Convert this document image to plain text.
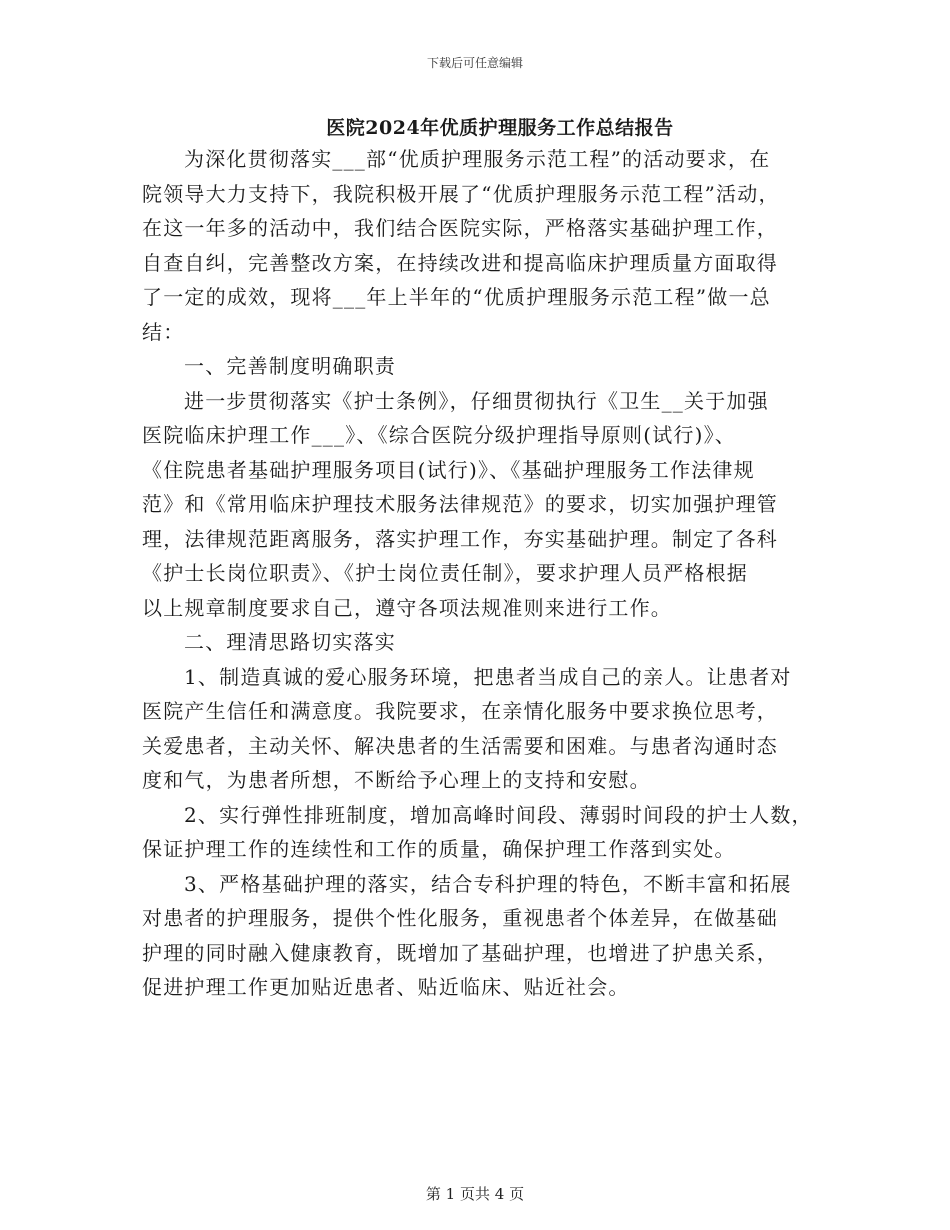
下载后可任意编辑
医院2024年优质护理服务工作总结报告
为深化贯彻落实___部“优质护理服务示范工程”的活动要求，在
院领导大力支持下，我院积极开展了“优质护理服务示范工程”活动，
在这一年多的活动中，我们结合医院实际，严格落实基础护理工作，
自查自纠，完善整改方案，在持续改进和提高临床护理质量方面取得
了一定的成效，现将___年上半年的“优质护理服务示范工程”做一总
结：
一、完善制度明确职责
进一步贯彻落实《护士条例》，仔细贯彻执行《卫生__关于加强
医院临床护理工作___》、《综合医院分级护理指导原则(试行)》、
《住院患者基础护理服务项目(试行)》、《基础护理服务工作法律规
范》和《常用临床护理技术服务法律规范》的要求，切实加强护理管
理，法律规范距离服务，落实护理工作，夯实基础护理。制定了各科
《护士长岗位职责》、《护士岗位责任制》，要求护理人员严格根据
以上规章制度要求自己，遵守各项法规准则来进行工作。
二、理清思路切实落实
1、制造真诚的爱心服务环境，把患者当成自己的亲人。让患者对
医院产生信任和满意度。我院要求，在亲情化服务中要求换位思考，
关爱患者，主动关怀、解决患者的生活需要和困难。与患者沟通时态
度和气，为患者所想，不断给予心理上的支持和安慰。
2、实行弹性排班制度，增加高峰时间段、薄弱时间段的护士人数，
保证护理工作的连续性和工作的质量，确保护理工作落到实处。
3、严格基础护理的落实，结合专科护理的特色，不断丰富和拓展
对患者的护理服务，提供个性化服务，重视患者个体差异，在做基础
护理的同时融入健康教育，既增加了基础护理，也增进了护患关系，
促进护理工作更加贴近患者、贴近临床、贴近社会。
第 1 页共 4 页
